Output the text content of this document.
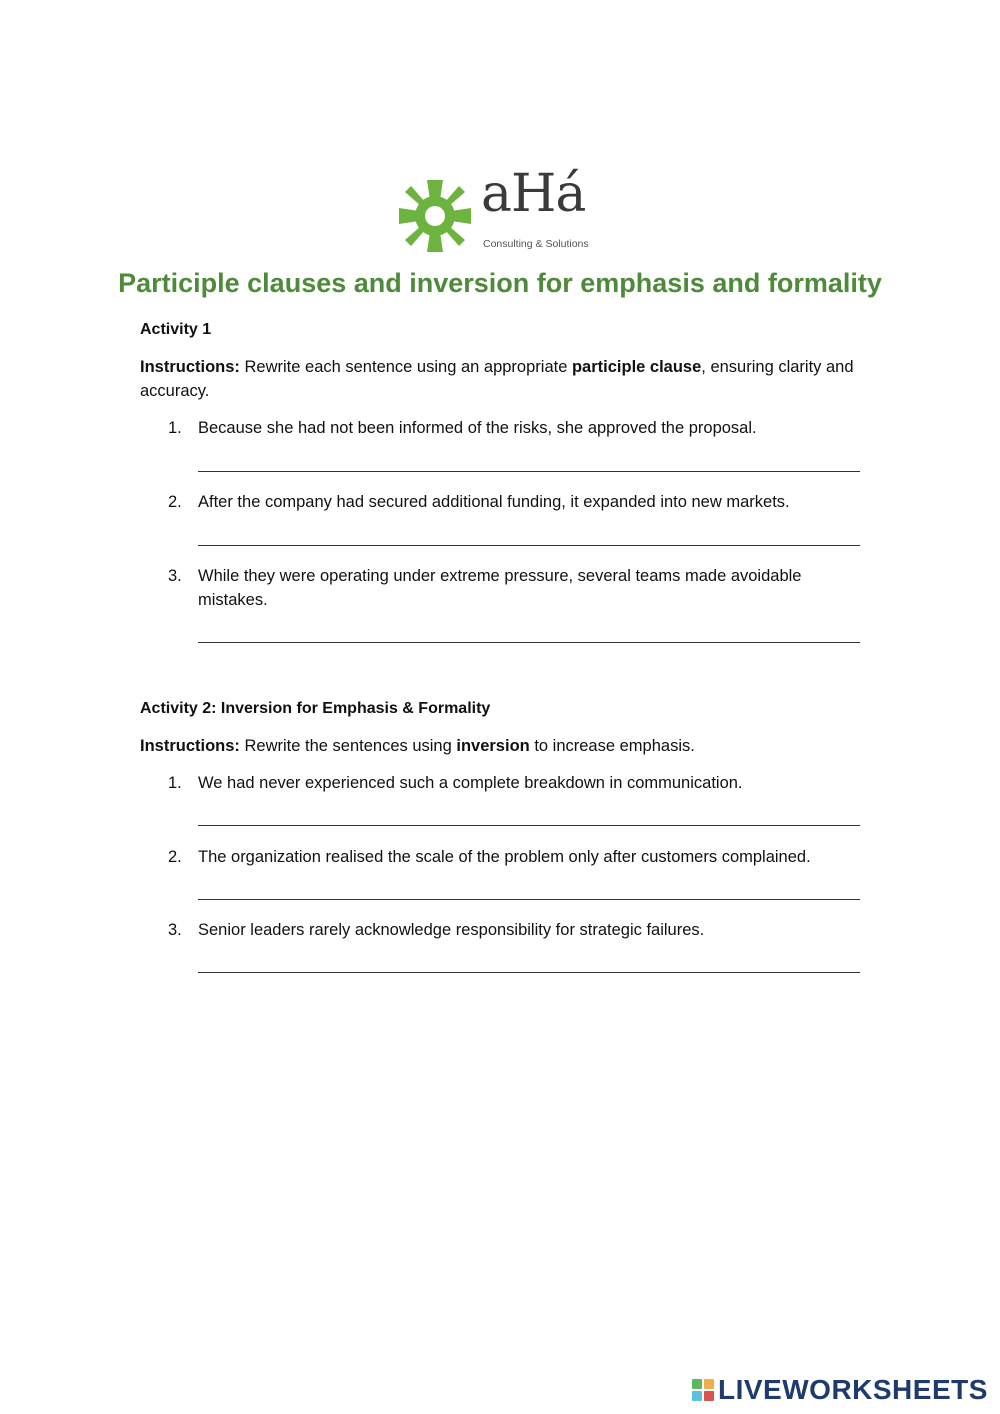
aHá
Consulting & Solutions
Participle clauses and inversion for emphasis and formality
Activity 1

Instructions: Rewrite each sentence using an appropriate participle clause, ensuring clarity and accuracy.

1. Because she had not been informed of the risks, she approved the proposal.
2. After the company had secured additional funding, it expanded into new markets.
3. While they were operating under extreme pressure, several teams made avoidable mistakes.
Activity 2: Inversion for Emphasis & Formality

Instructions: Rewrite the sentences using inversion to increase emphasis.

1. We had never experienced such a complete breakdown in communication.
2. The organization realised the scale of the problem only after customers complained.
3. Senior leaders rarely acknowledge responsibility for strategic failures.
LIVEWORKSHEETS
